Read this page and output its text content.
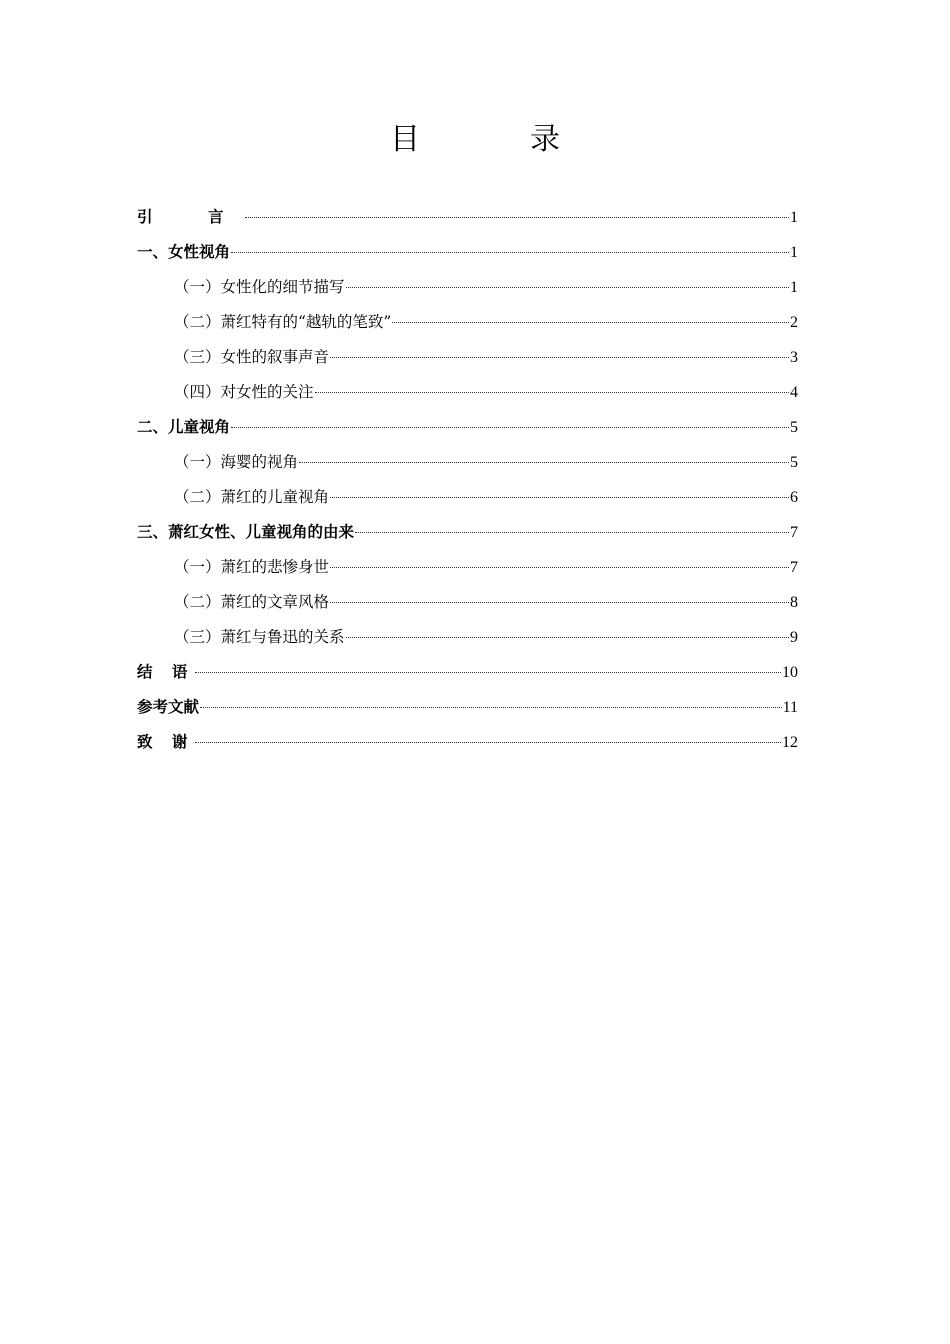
目　录
引　言	1
一、女性视角	1
（一）女性化的细节描写	1
（二）萧红特有的“越轨的笔致”	2
（三）女性的叙事声音	3
（四）对女性的关注	4
二、儿童视角	5
（一）海婴的视角	5
（二）萧红的儿童视角	6
三、萧红女性、儿童视角的由来	7
（一）萧红的悲惨身世	7
（二）萧红的文章风格	8
（三）萧红与鲁迅的关系	9
结 语	10
参考文献	11
致 谢	12
